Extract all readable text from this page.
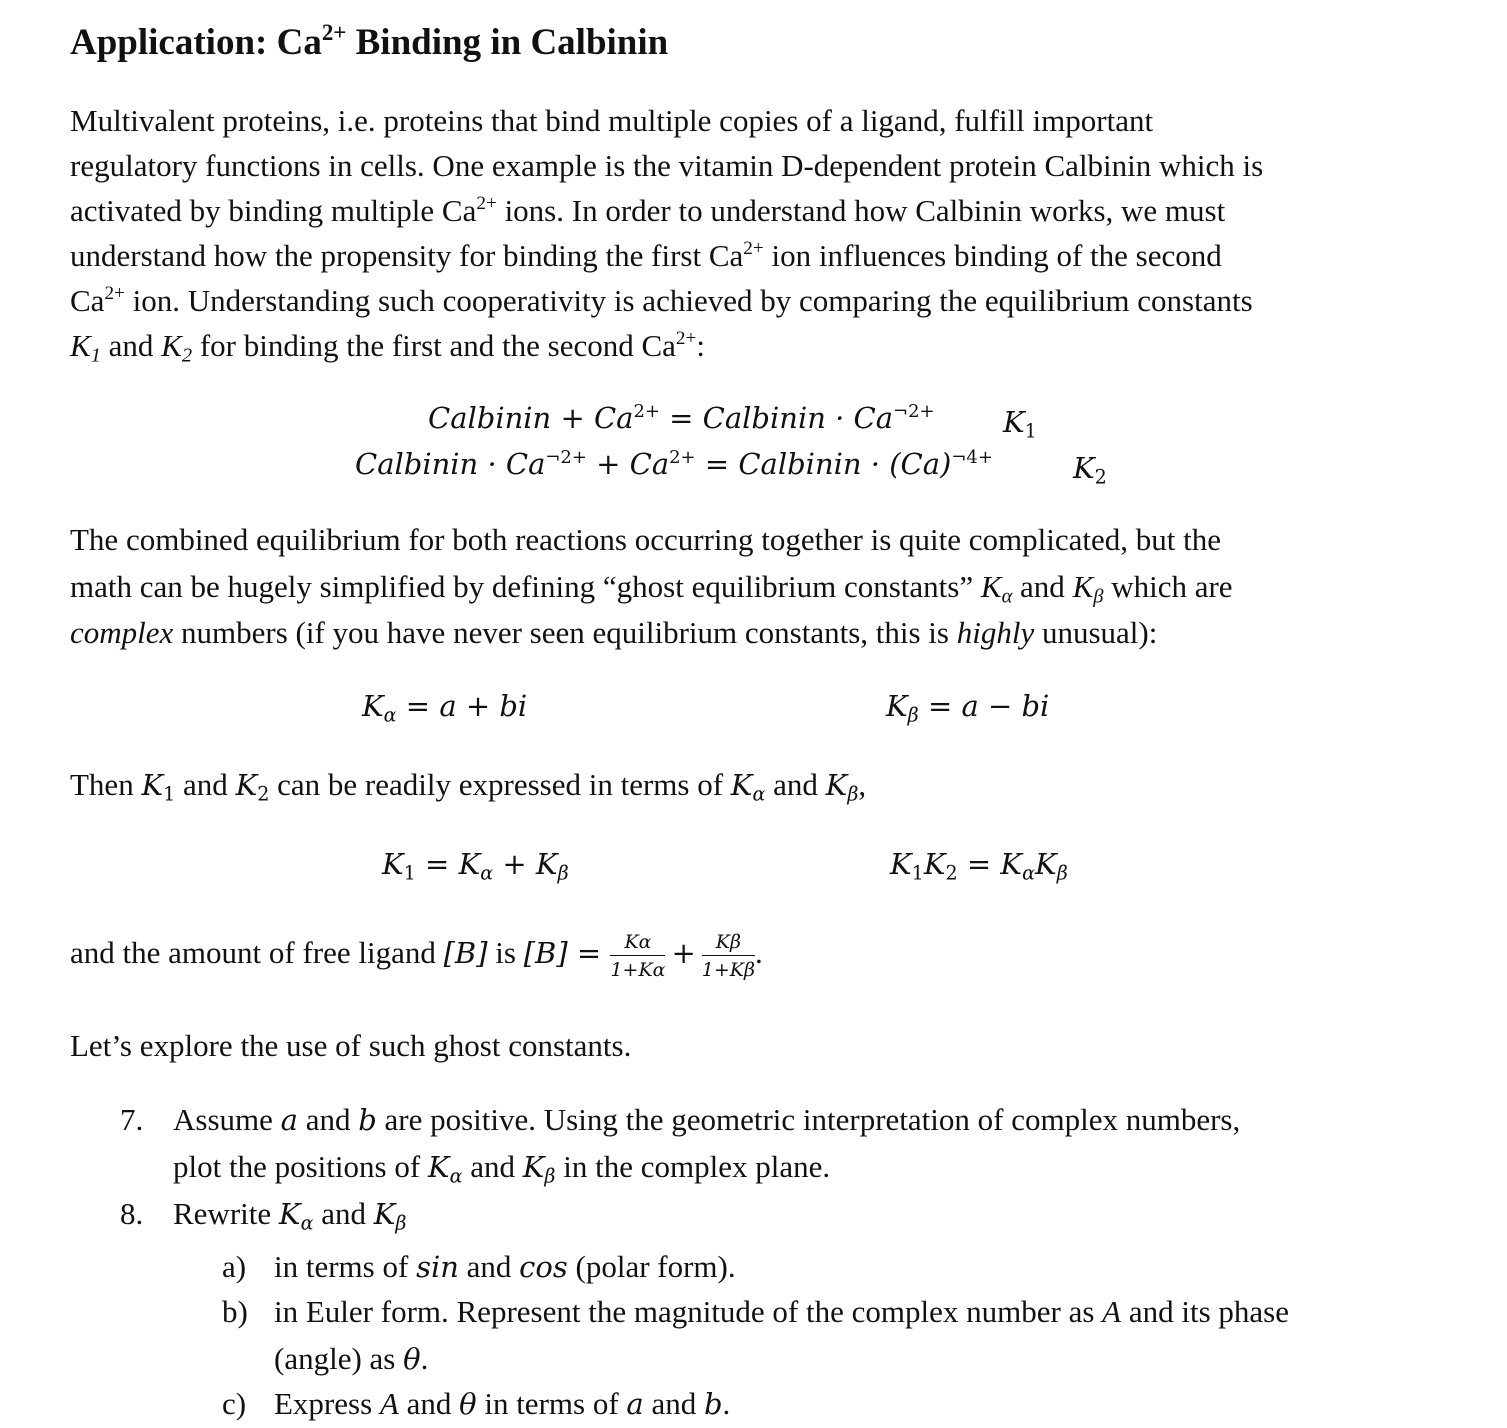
Application: $Ca^{2+}$ Binding in Calbinin
Multivalent proteins, i.e. proteins that bind multiple copies of a ligand, fulfill important
regulatory functions in cells. One example is the vitamin D-dependent protein Calbinin which is
activated by binding multiple $Ca^{2+}$ ions. In order to understand how Calbinin works, we must
understand how the propensity for binding the first $Ca^{2+}$ ion influences binding of the second
$Ca^{2+}$ ion. Understanding such cooperativity is achieved by comparing the equilibrium constants
$K_1$ and $K_2$ for binding the first and the second $Ca^{2+}$:
Calbinin + $Ca^{2+}$ = Calbinin · $Ca^{\neg 2+}$ $K_1$
Calbinin · $Ca^{\neg 2+} + Ca^{2+}$ = Calbinin · $(Ca)^{\neg 4+}$	$K_2$
The combined equilibrium for both reactions occurring together is quite complicated, but the
math can be hugely simplified by defining “ghost equilibrium constants” $K_\alpha$ and $K_\beta$ which are
complex numbers (if you have never seen equilibrium constants, this is highly unusual):
$K_\alpha = a$ + bi	$K_\beta = a$ − bi
Then $K_1$ and $K_2$ can be readily expressed in terms of $K_\alpha$ and $K_\beta$,
$K_1 = K_\alpha + K_\beta$	$K_1K_2 = K_\alpha K_\beta$
and the amount of free ligand [B] is $[B] = \frac{K\alpha}{1+K\alpha} + \frac{K\beta}{1+K\beta}$ .
Let’s explore the use of such ghost constants.
7. Assume a and b are positive. Using the geometric interpretation of complex numbers,
plot the positions of $K_\alpha$ and $K_\beta$ in the complex plane.
8. Rewrite $K_\alpha$ and $K_\beta$
a) in terms of sin and cos (polar form).
b) in Euler form. Represent the magnitude of the complex number as A and its phase
(angle) as θ.
c) Express A and θ in terms of a and b.
